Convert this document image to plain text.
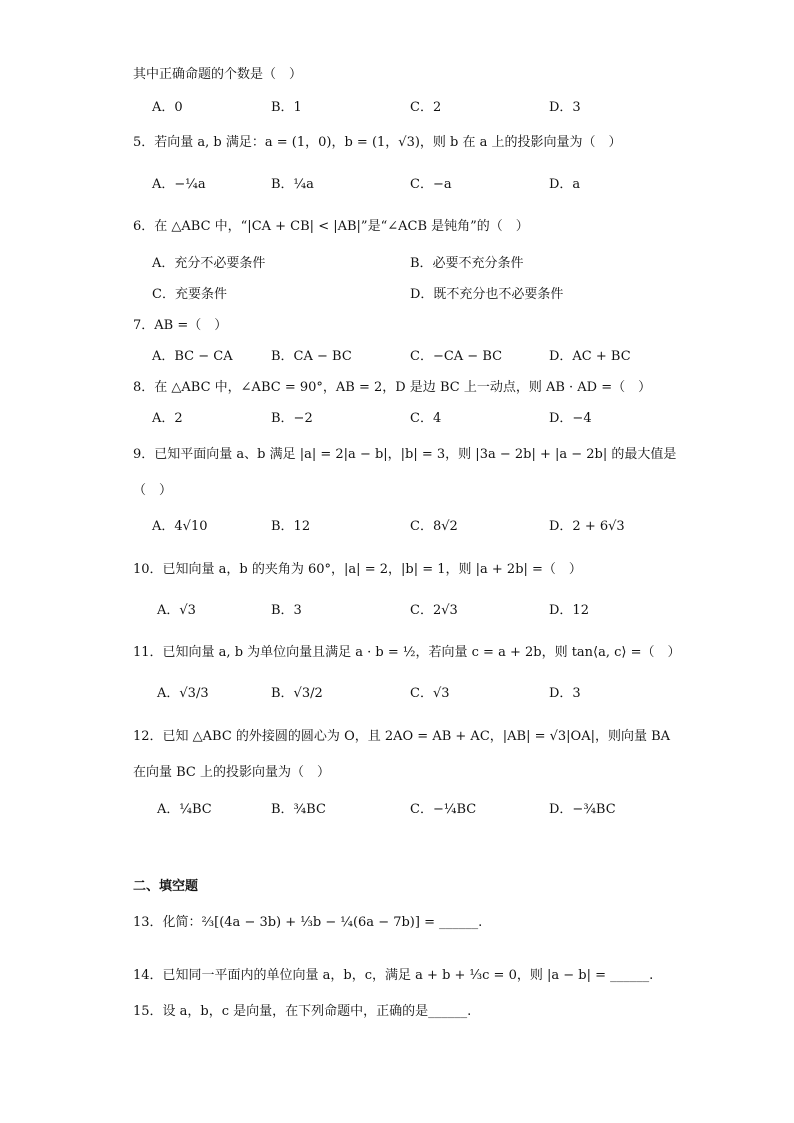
其中正确命题的个数是（　）
A．0	B．1	C．2	D．3
5．若向量 a, b 满足：a = (1，0)，b = (1，√3)，则 b 在 a 上的投影向量为（　）
A．−¼a	B．¼a	C．−a	D．a
6．在 △ABC 中，“|CA + CB| < |AB|”是“∠ACB 是钝角”的（　）
A．充分不必要条件	B．必要不充分条件
C．充要条件	D．既不充分也不必要条件
7．AB =（　）
A．BC − CA	B．CA − BC	C．−CA − BC	D．AC + BC
8．在 △ABC 中，∠ABC = 90°，AB = 2，D 是边 BC 上一动点，则 AB · AD =（　）
A．2	B．−2	C．4	D．−4
9．已知平面向量 a、b 满足 |a| = 2|a − b|，|b| = 3，则 |3a − 2b| + |a − 2b| 的最大值是
（　）
A．4√10	B．12	C．8√2	D．2 + 6√3
10．已知向量 a，b 的夹角为 60°，|a| = 2，|b| = 1，则 |a + 2b| =（　）
A．√3	B．3	C．2√3	D．12
11．已知向量 a, b 为单位向量且满足 a · b = ½，若向量 c = a + 2b，则 tan⟨a, c⟩ =（　）
A．√3/3	B．√3/2	C．√3	D．3
12．已知 △ABC 的外接圆的圆心为 O，且 2AO = AB + AC，|AB| = √3|OA|，则向量 BA
在向量 BC 上的投影向量为（　）
A．¼BC	B．¾BC	C．−¼BC	D．−¾BC
二、填空题
13．化简：⅔[(4a − 3b) + ⅓b − ¼(6a − 7b)] = ______.
14．已知同一平面内的单位向量 a，b，c，满足 a + b + ⅓c = 0，则 |a − b| = ______.
15．设 a，b，c 是向量，在下列命题中，正确的是______.
